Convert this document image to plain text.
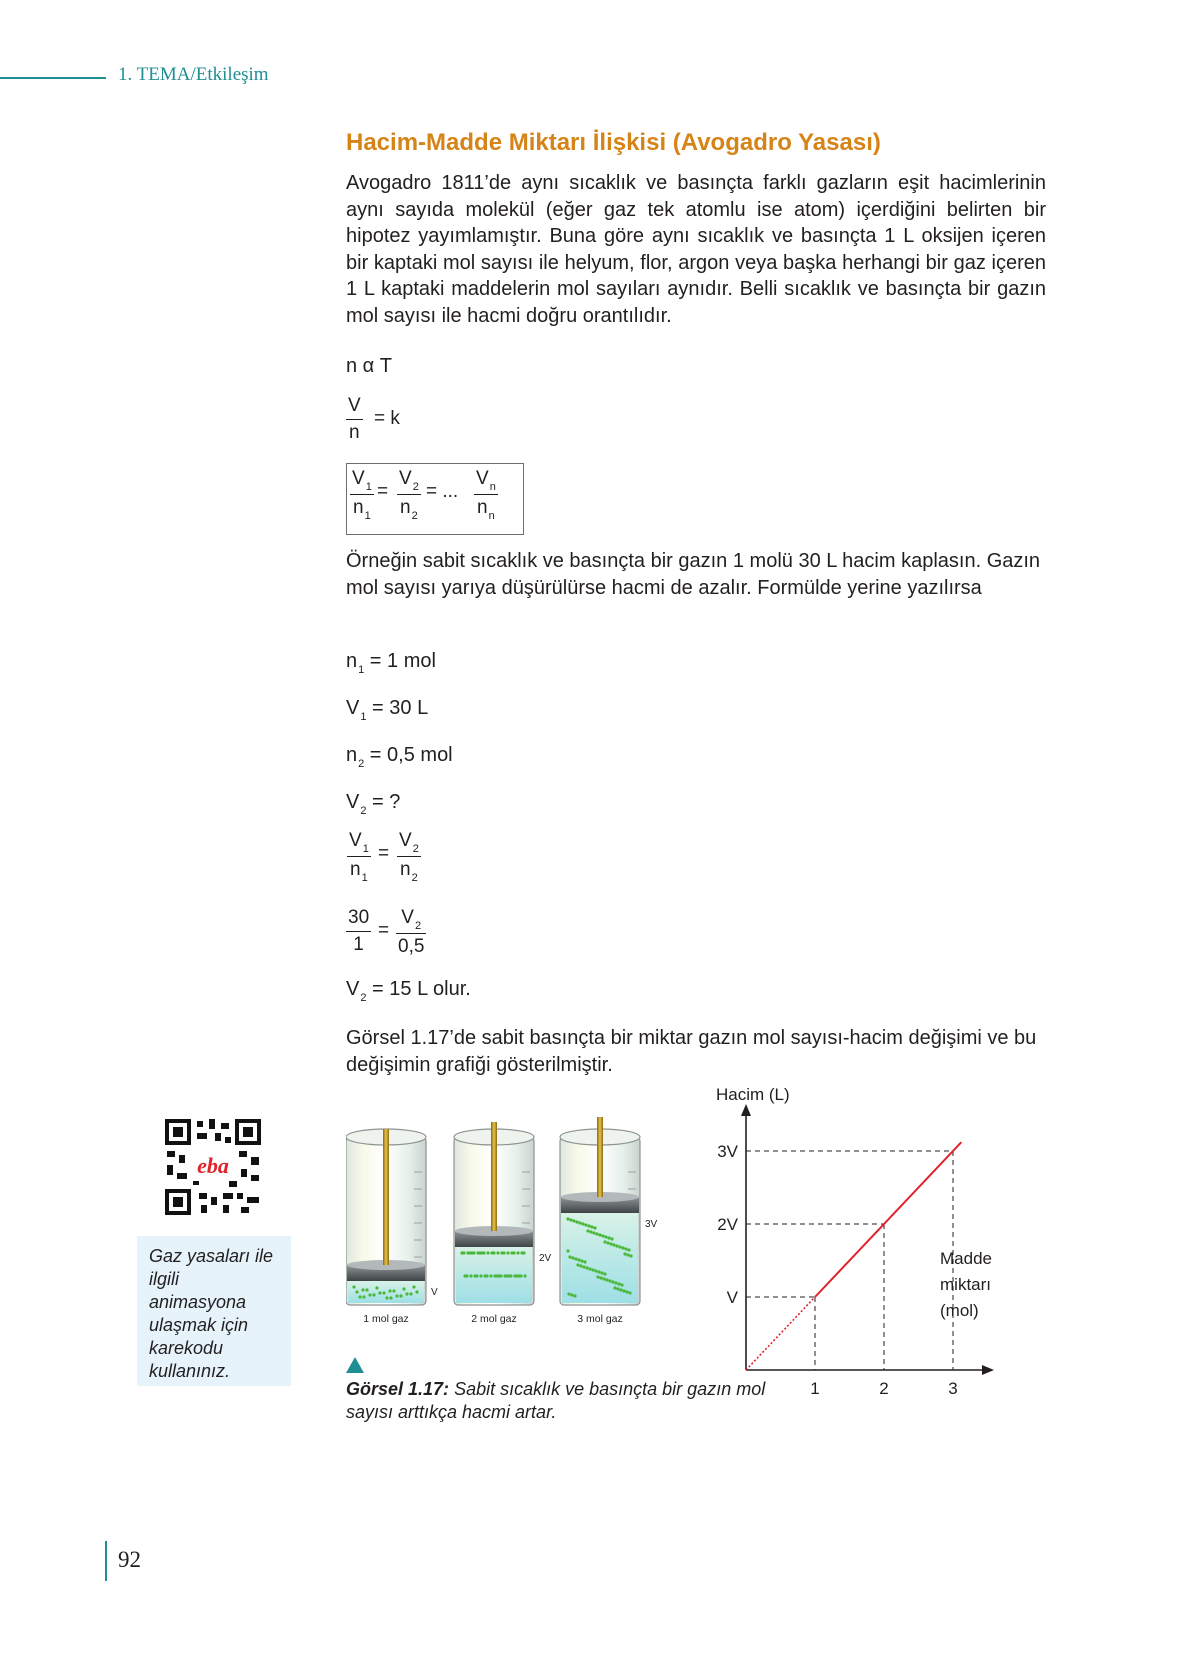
1. TEMA/Etkileşim
Hacim-Madde Miktarı İlişkisi (Avogadro Yasası)

Avogadro 1811’de aynı sıcaklık ve basınçta farklı gazların eşit hacimlerinin aynı sayıda molekül (eğer gaz tek atomlu ise atom) içerdiğini belirten bir hipotez yayımlamıştır. Buna göre aynı sıcaklık ve basınçta 1 L oksijen içeren bir kaptaki mol sayısı ile helyum, flor, argon veya başka herhangi bir gaz içeren 1 L kaptaki maddelerin mol sayıları aynıdır. Belli sıcaklık ve basınçta bir gazın mol sayısı ile hacmi doğru orantılıdır.

n α T
V
n
= k
$V_1$
$n_1$
=
$V_2$
$n_2$
= ...
$V_n$
$n_n$

Örneğin sabit sıcaklık ve basınçta bir gazın 1 molü 30 L hacim kaplasın. Gazın mol sayısı yarıya düşürülürse hacmi de azalır. Formülde yerine yazılırsa

$n_1 = 1$ mol
$V_1 = 30$ L
$n_2 = 0,5$ mol
$V_2$ = ?
$V_1$
$n_1$
=
$V_2$
$n_2$
30
1
=
$V_2$
0,5
$V_2 = 15$ L olur.

Görsel 1.17’de sabit basınçta bir miktar gazın mol sayısı-hacim değişimi ve bu değişimin grafiği gösterilmiştir.

eba
Gaz yasaları ile ilgili animasyona ulaşmak için karekodu kullanınız.
V
1 mol gaz
2V
2 mol gaz
3V
3 mol gaz
Görsel 1.17: Sabit sıcaklık ve basınçta bir gazın mol sayısı arttıkça hacmi artar.
Hacim (L)
V
2V
3V
1	2	3
Madde
miktarı
(mol)
92
